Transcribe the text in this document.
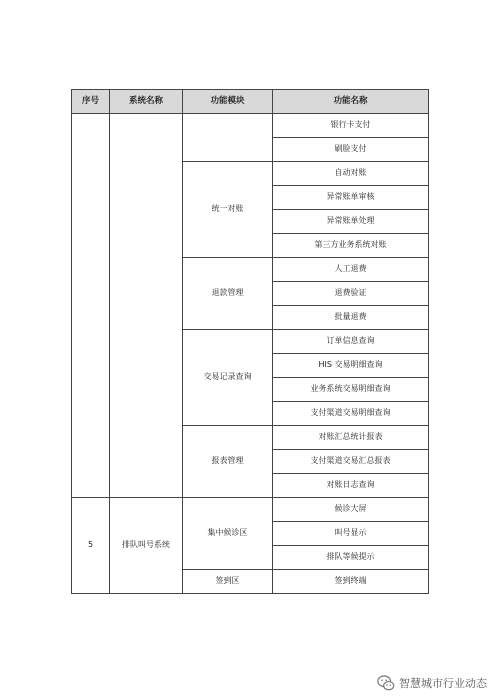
序号	系统名称	功能模块	功能名称
			银行卡支付
			刷脸支付
		统一对账	自动对账
			异常账单审核
			异常账单处理
			第三方业务系统对账
		退款管理	人工退费
			退费验证
			批量退费
		交易记录查询	订单信息查询
			HIS 交易明细查询
			业务系统交易明细查询
			支付渠道交易明细查询
		报表管理	对账汇总统计报表
			支付渠道交易汇总报表
			对账日志查询
5	排队叫号系统	集中候诊区	候诊大屏
			叫号显示
			排队等候提示
		签到区	签到终端
智慧城市行业动态
